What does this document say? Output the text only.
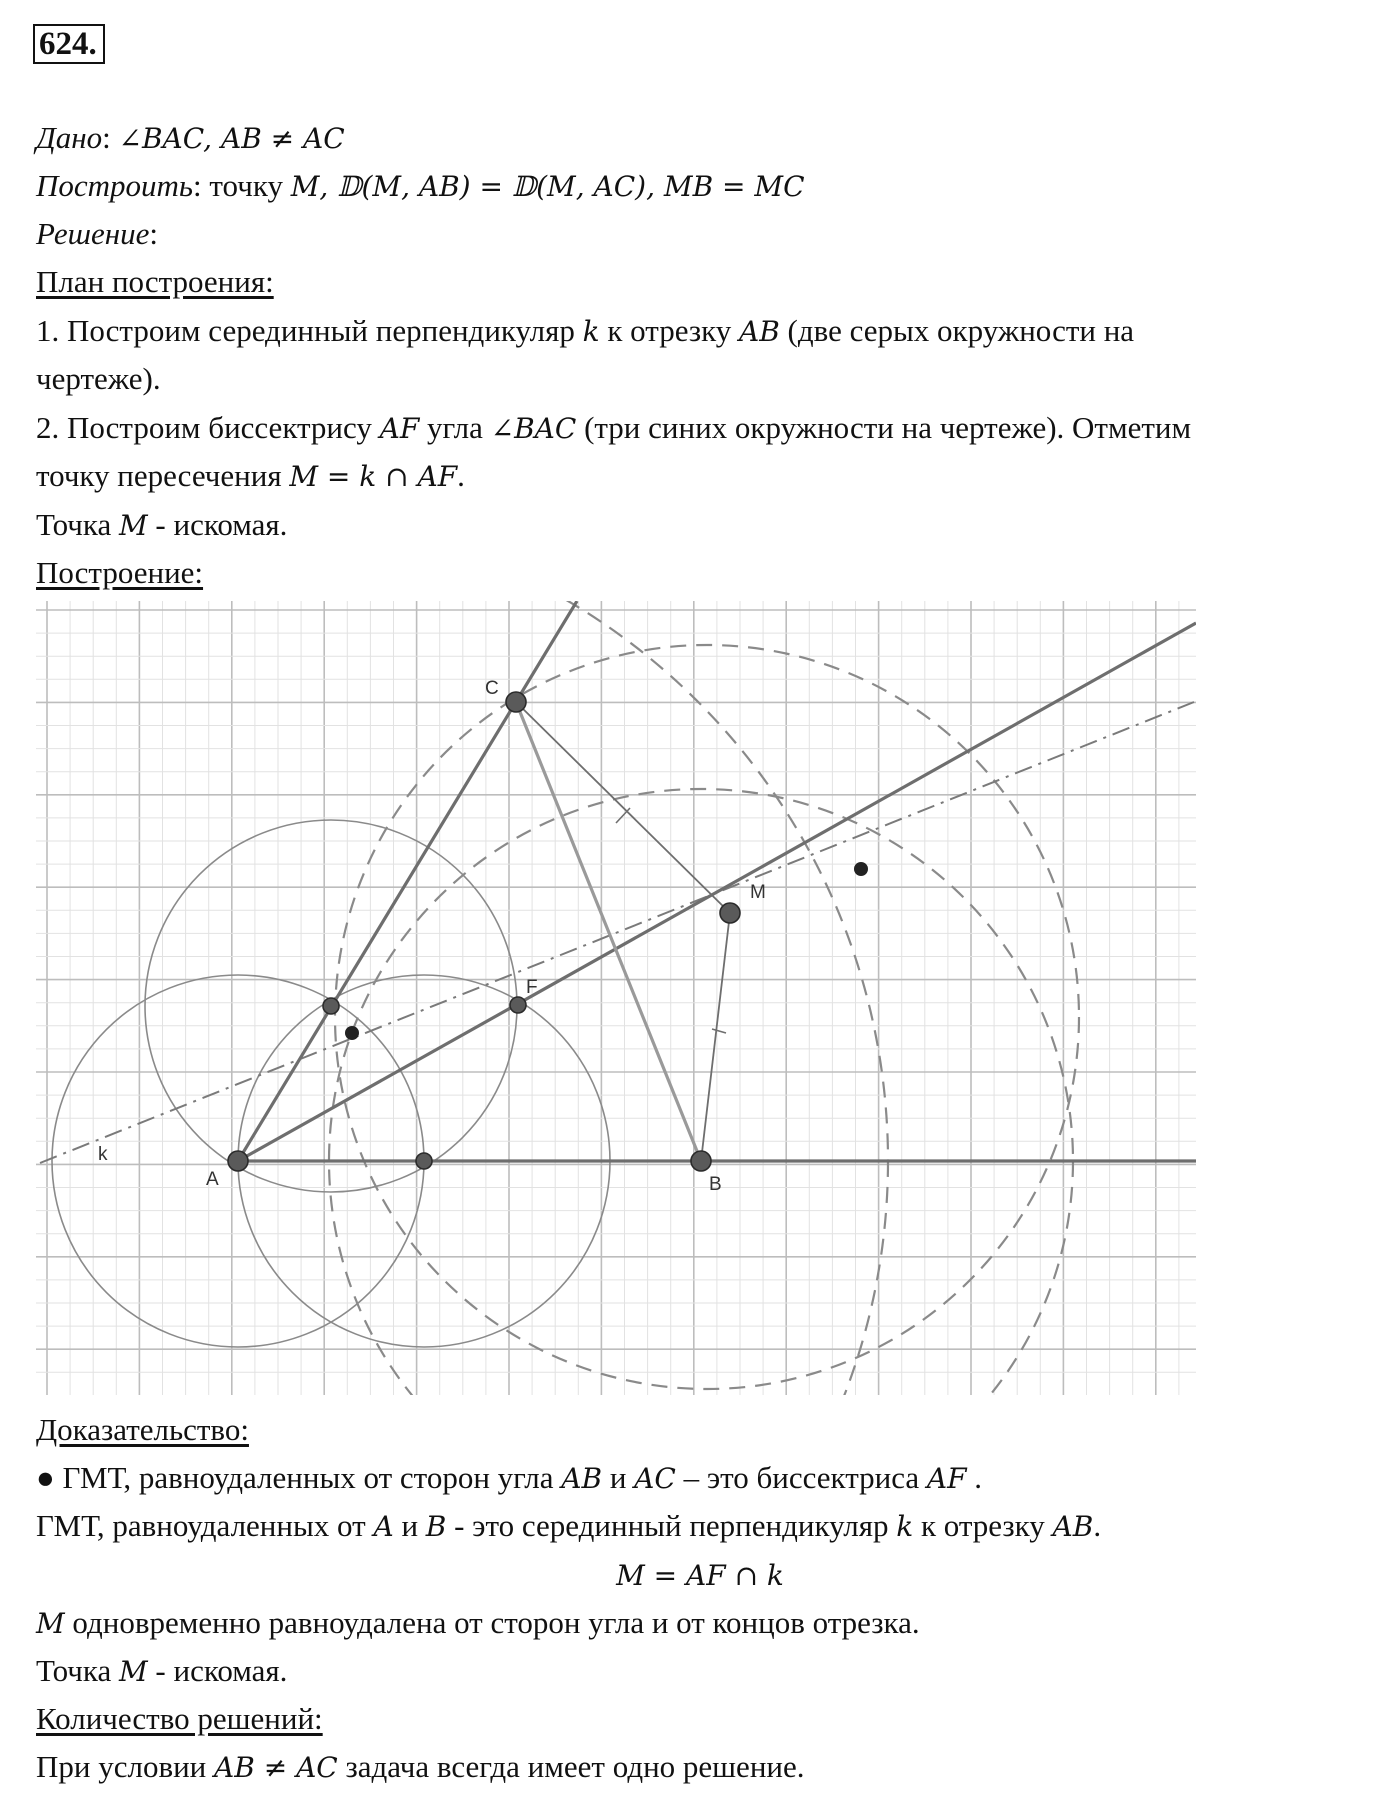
624.
Дано: ∠BAC, AB ≠ AC
Построить: точку M, 𝔻(M, AB) = 𝔻(M, AC), MB = MC
Решение:
План построения:
1. Построим серединный перпендикуляр k к отрезку AB (две серых окружности на
чертеже).
2. Построим биссектрису AF угла ∠BAC (три синих окружности на чертеже). Отметим
точку пересечения M = k ∩ AF.
Точка M - искомая.
Построение:
A	B
C
M
F
k
Доказательство:
● ГМТ, равноудаленных от сторон угла AB и AC – это биссектриса AF .
ГМТ, равноудаленных от A и B - это серединный перпендикуляр k к отрезку AB.
M = AF ∩ k
M одновременно равноудалена от сторон угла и от концов отрезка.
Точка M - искомая.
Количество решений:
При условии AB ≠ AC задача всегда имеет одно решение.
